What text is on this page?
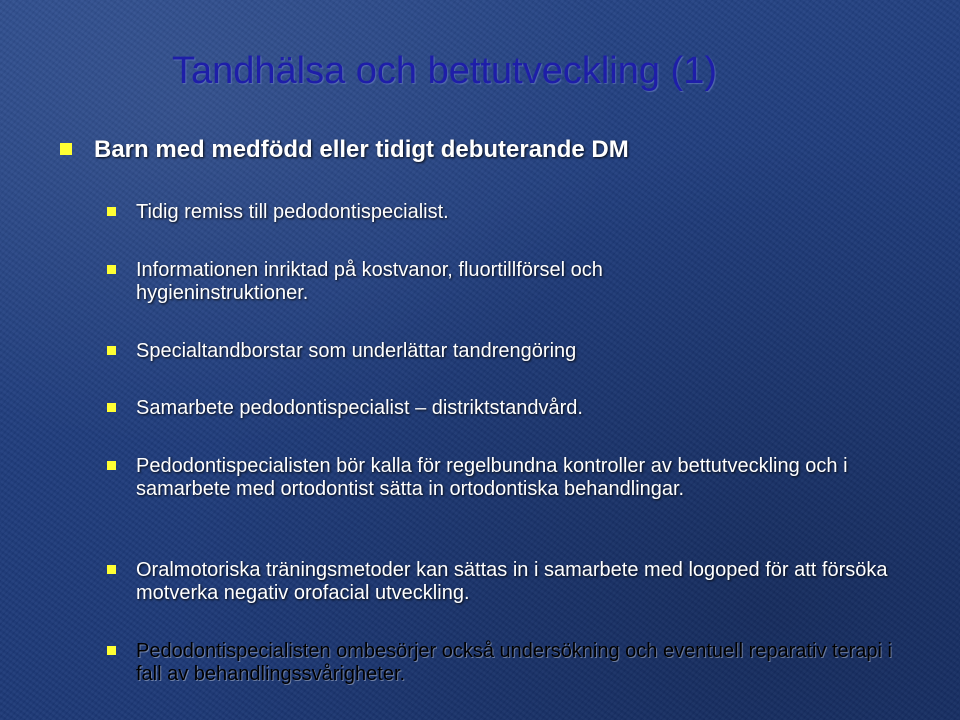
Tandhälsa och bettutveckling (1)
Barn med medfödd eller tidigt debuterande DM
Tidig remiss till pedodontispecialist.
Informationen inriktad på kostvanor, fluortillförsel och hygieninstruktioner.
Specialtandborstar som underlättar tandrengöring
Samarbete pedodontispecialist – distriktstandvård.
Pedodontispecialisten bör kalla för regelbundna kontroller av bettutveckling och i samarbete med ortodontist sätta in ortodontiska behandlingar.
Oralmotoriska träningsmetoder kan sättas in i samarbete med logoped för att försöka motverka negativ orofacial utveckling.
Pedodontispecialisten ombesörjer också undersökning och eventuell reparativ terapi i fall av behandlingssvårigheter.
